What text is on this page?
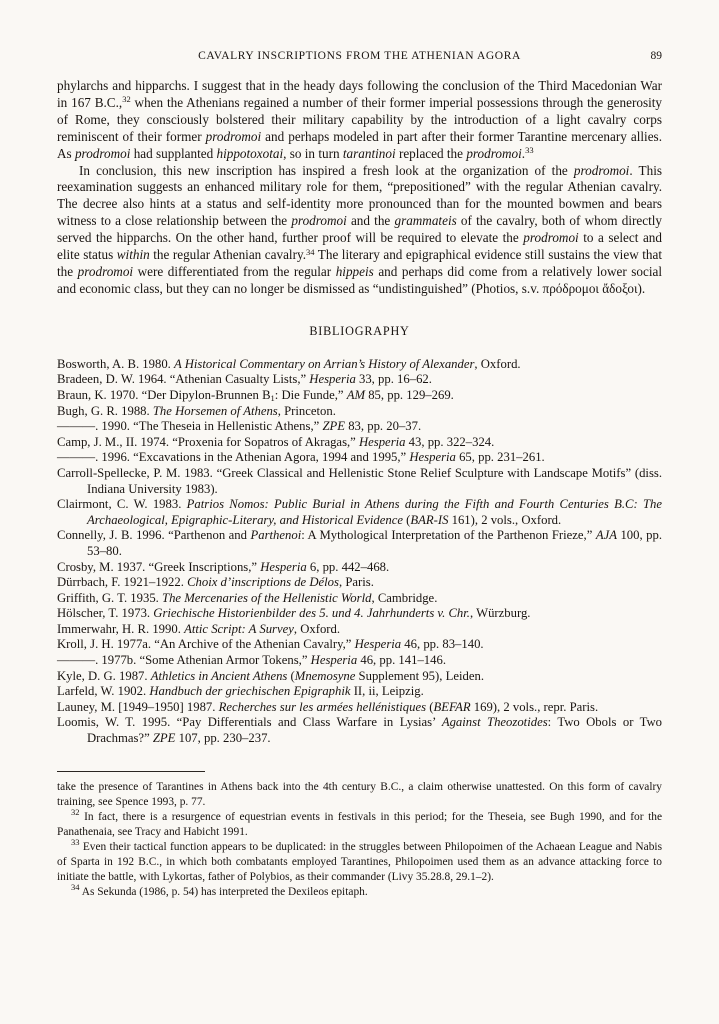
CAVALRY INSCRIPTIONS FROM THE ATHENIAN AGORA	89

phylarchs and hipparchs. I suggest that in the heady days following the conclusion of the Third Macedonian War in 167 B.C.,$^{32}$ when the Athenians regained a number of their former imperial possessions through the generosity of Rome, they consciously bolstered their military capability by the introduction of a light cavalry corps reminiscent of their former prodromoi and perhaps modeled in part after their former Tarantine mercenary allies. As prodromoi had supplanted hippotoxotai, so in turn tarantinoi replaced the prodromoi.$^{33}$

In conclusion, this new inscription has inspired a fresh look at the organization of the prodromoi. This reexamination suggests an enhanced military role for them, “prepositioned” with the regular Athenian cavalry. The decree also hints at a status and self-identity more pronounced than for the mounted bowmen and bears witness to a close relationship between the prodromoi and the grammateis of the cavalry, both of whom directly served the hipparchs. On the other hand, further proof will be required to elevate the prodromoi to a select and elite status within the regular Athenian cavalry.$^{34}$ The literary and epigraphical evidence still sustains the view that the prodromoi were differentiated from the regular hippeis and perhaps did come from a relatively lower social and economic class, but they can no longer be dismissed as “undistinguished” (Photios, s.v. πρόδρομοι ἄδοξοι).

BIBLIOGRAPHY

Bosworth, A. B. 1980. A Historical Commentary on Arrian’s History of Alexander, Oxford.

Bradeen, D. W. 1964. “Athenian Casualty Lists,” Hesperia 33, pp. 16–62.

Braun, K. 1970. “Der Dipylon-Brunnen $B_1$: Die Funde,” AM 85, pp. 129–269.

Bugh, G. R. 1988. The Horsemen of Athens, Princeton.

———. 1990. “The Theseia in Hellenistic Athens,” ZPE 83, pp. 20–37.

Camp, J. M., II. 1974. “Proxenia for Sopatros of Akragas,” Hesperia 43, pp. 322–324.

———. 1996. “Excavations in the Athenian Agora, 1994 and 1995,” Hesperia 65, pp. 231–261.

Carroll-Spellecke, P. M. 1983. “Greek Classical and Hellenistic Stone Relief Sculpture with Landscape Motifs” (diss. Indiana University 1983).

Clairmont, C. W. 1983. Patrios Nomos: Public Burial in Athens during the Fifth and Fourth Centuries B.C: The Archaeological, Epigraphic-Literary, and Historical Evidence (BAR-IS 161), 2 vols., Oxford.

Connelly, J. B. 1996. “Parthenon and Parthenoi: A Mythological Interpretation of the Parthenon Frieze,” AJA 100, pp. 53–80.

Crosby, M. 1937. “Greek Inscriptions,” Hesperia 6, pp. 442–468.

Dürrbach, F. 1921–1922. Choix d’inscriptions de Délos, Paris.

Griffith, G. T. 1935. The Mercenaries of the Hellenistic World, Cambridge.

Hölscher, T. 1973. Griechische Historienbilder des 5. und 4. Jahrhunderts v. Chr., Würzburg.

Immerwahr, H. R. 1990. Attic Script: A Survey, Oxford.

Kroll, J. H. 1977a. “An Archive of the Athenian Cavalry,” Hesperia 46, pp. 83–140.

———. 1977b. “Some Athenian Armor Tokens,” Hesperia 46, pp. 141–146.

Kyle, D. G. 1987. Athletics in Ancient Athens (Mnemosyne Supplement 95), Leiden.

Larfeld, W. 1902. Handbuch der griechischen Epigraphik II, ii, Leipzig.

Launey, M. [1949–1950] 1987. Recherches sur les armées hellénistiques (BEFAR 169), 2 vols., repr. Paris.

Loomis, W. T. 1995. “Pay Differentials and Class Warfare in Lysias’ Against Theozotides: Two Obols or Two Drachmas?” ZPE 107, pp. 230–237.

take the presence of Tarantines in Athens back into the 4th century B.C., a claim otherwise unattested. On this form of cavalry training, see Spence 1993, p. 77.

$^{32}$ In fact, there is a resurgence of equestrian events in festivals in this period; for the Theseia, see Bugh 1990, and for the Panathenaia, see Tracy and Habicht 1991.

$^{33}$ Even their tactical function appears to be duplicated: in the struggles between Philopoimen of the Achaean League and Nabis of Sparta in 192 B.C., in which both combatants employed Tarantines, Philopoimen used them as an advance attacking force to initiate the battle, with Lykortas, father of Polybios, as their commander (Livy 35.28.8, 29.1–2).

$^{34}$ As Sekunda (1986, p. 54) has interpreted the Dexileos epitaph.
